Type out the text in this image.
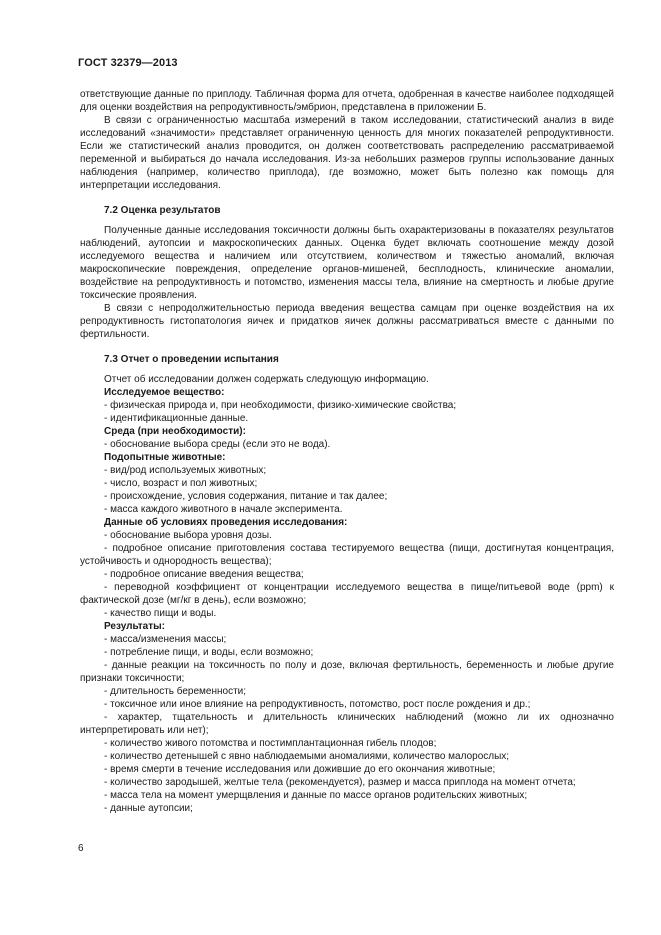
ГОСТ 32379—2013

ответствующие данные по приплоду. Табличная форма для отчета, одобренная в качестве наиболее подходящей для оценки воздействия на репродуктивность/эмбрион, представлена в приложении Б.

В связи с ограниченностью масштаба измерений в таком исследовании, статистический анализ в виде исследований «значимости» представляет ограниченную ценность для многих показателей репродуктивности. Если же статистический анализ проводится, он должен соответствовать распределению рассматриваемой переменной и выбираться до начала исследования. Из-за небольших размеров группы использование данных наблюдения (например, количество приплода), где возможно, может быть полезно как помощь для интерпретации исследования.

7.2 Оценка результатов

Полученные данные исследования токсичности должны быть охарактеризованы в показателях результатов наблюдений, аутопсии и макроскопических данных. Оценка будет включать соотношение между дозой исследуемого вещества и наличием или отсутствием, количеством и тяжестью аномалий, включая макроскопические повреждения, определение органов-мишеней, бесплодность, клинические аномалии, воздействие на репродуктивность и потомство, изменения массы тела, влияние на смертность и любые другие токсические проявления.

В связи с непродолжительностью периода введения вещества самцам при оценке воздействия на их репродуктивность гистопатология яичек и придатков яичек должны рассматриваться вместе с данными по фертильности.

7.3 Отчет о проведении испытания

Отчет об исследовании должен содержать следующую информацию.

Исследуемое вещество:

- физическая природа и, при необходимости, физико-химические свойства;

- идентификационные данные.

Среда (при необходимости):

- обоснование выбора среды (если это не вода).

Подопытные животные:

- вид/род используемых животных;

- число, возраст и пол животных;

- происхождение, условия содержания, питание и так далее;

- масса каждого животного в начале эксперимента.

Данные об условиях проведения исследования:

- обоснование выбора уровня дозы.

- подробное описание приготовления состава тестируемого вещества (пищи, достигнутая концентрация, устойчивость и однородность вещества);

- подробное описание введения вещества;

- переводной коэффициент от концентрации исследуемого вещества в пище/питьевой воде (ppm) к фактической дозе (мг/кг в день), если возможно;

- качество пищи и воды.

Результаты:

- масса/изменения массы;

- потребление пищи, и воды, если возможно;

- данные реакции на токсичность по полу и дозе, включая фертильность, беременность и любые другие признаки токсичности;

- длительность беременности;

- токсичное или иное влияние на репродуктивность, потомство, рост после рождения и др.;

- характер, тщательность и длительность клинических наблюдений (можно ли их однозначно интерпретировать или нет);

- количество живого потомства и постимплантационная гибель плодов;

- количество детенышей с явно наблюдаемыми аномалиями, количество малорослых;

- время смерти в течение исследования или дожившие до его окончания животные;

- количество зародышей, желтые тела (рекомендуется), размер и масса приплода на момент отчета;

- масса тела на момент умерщвления и данные по массе органов родительских животных;

- данные аутопсии;

6
